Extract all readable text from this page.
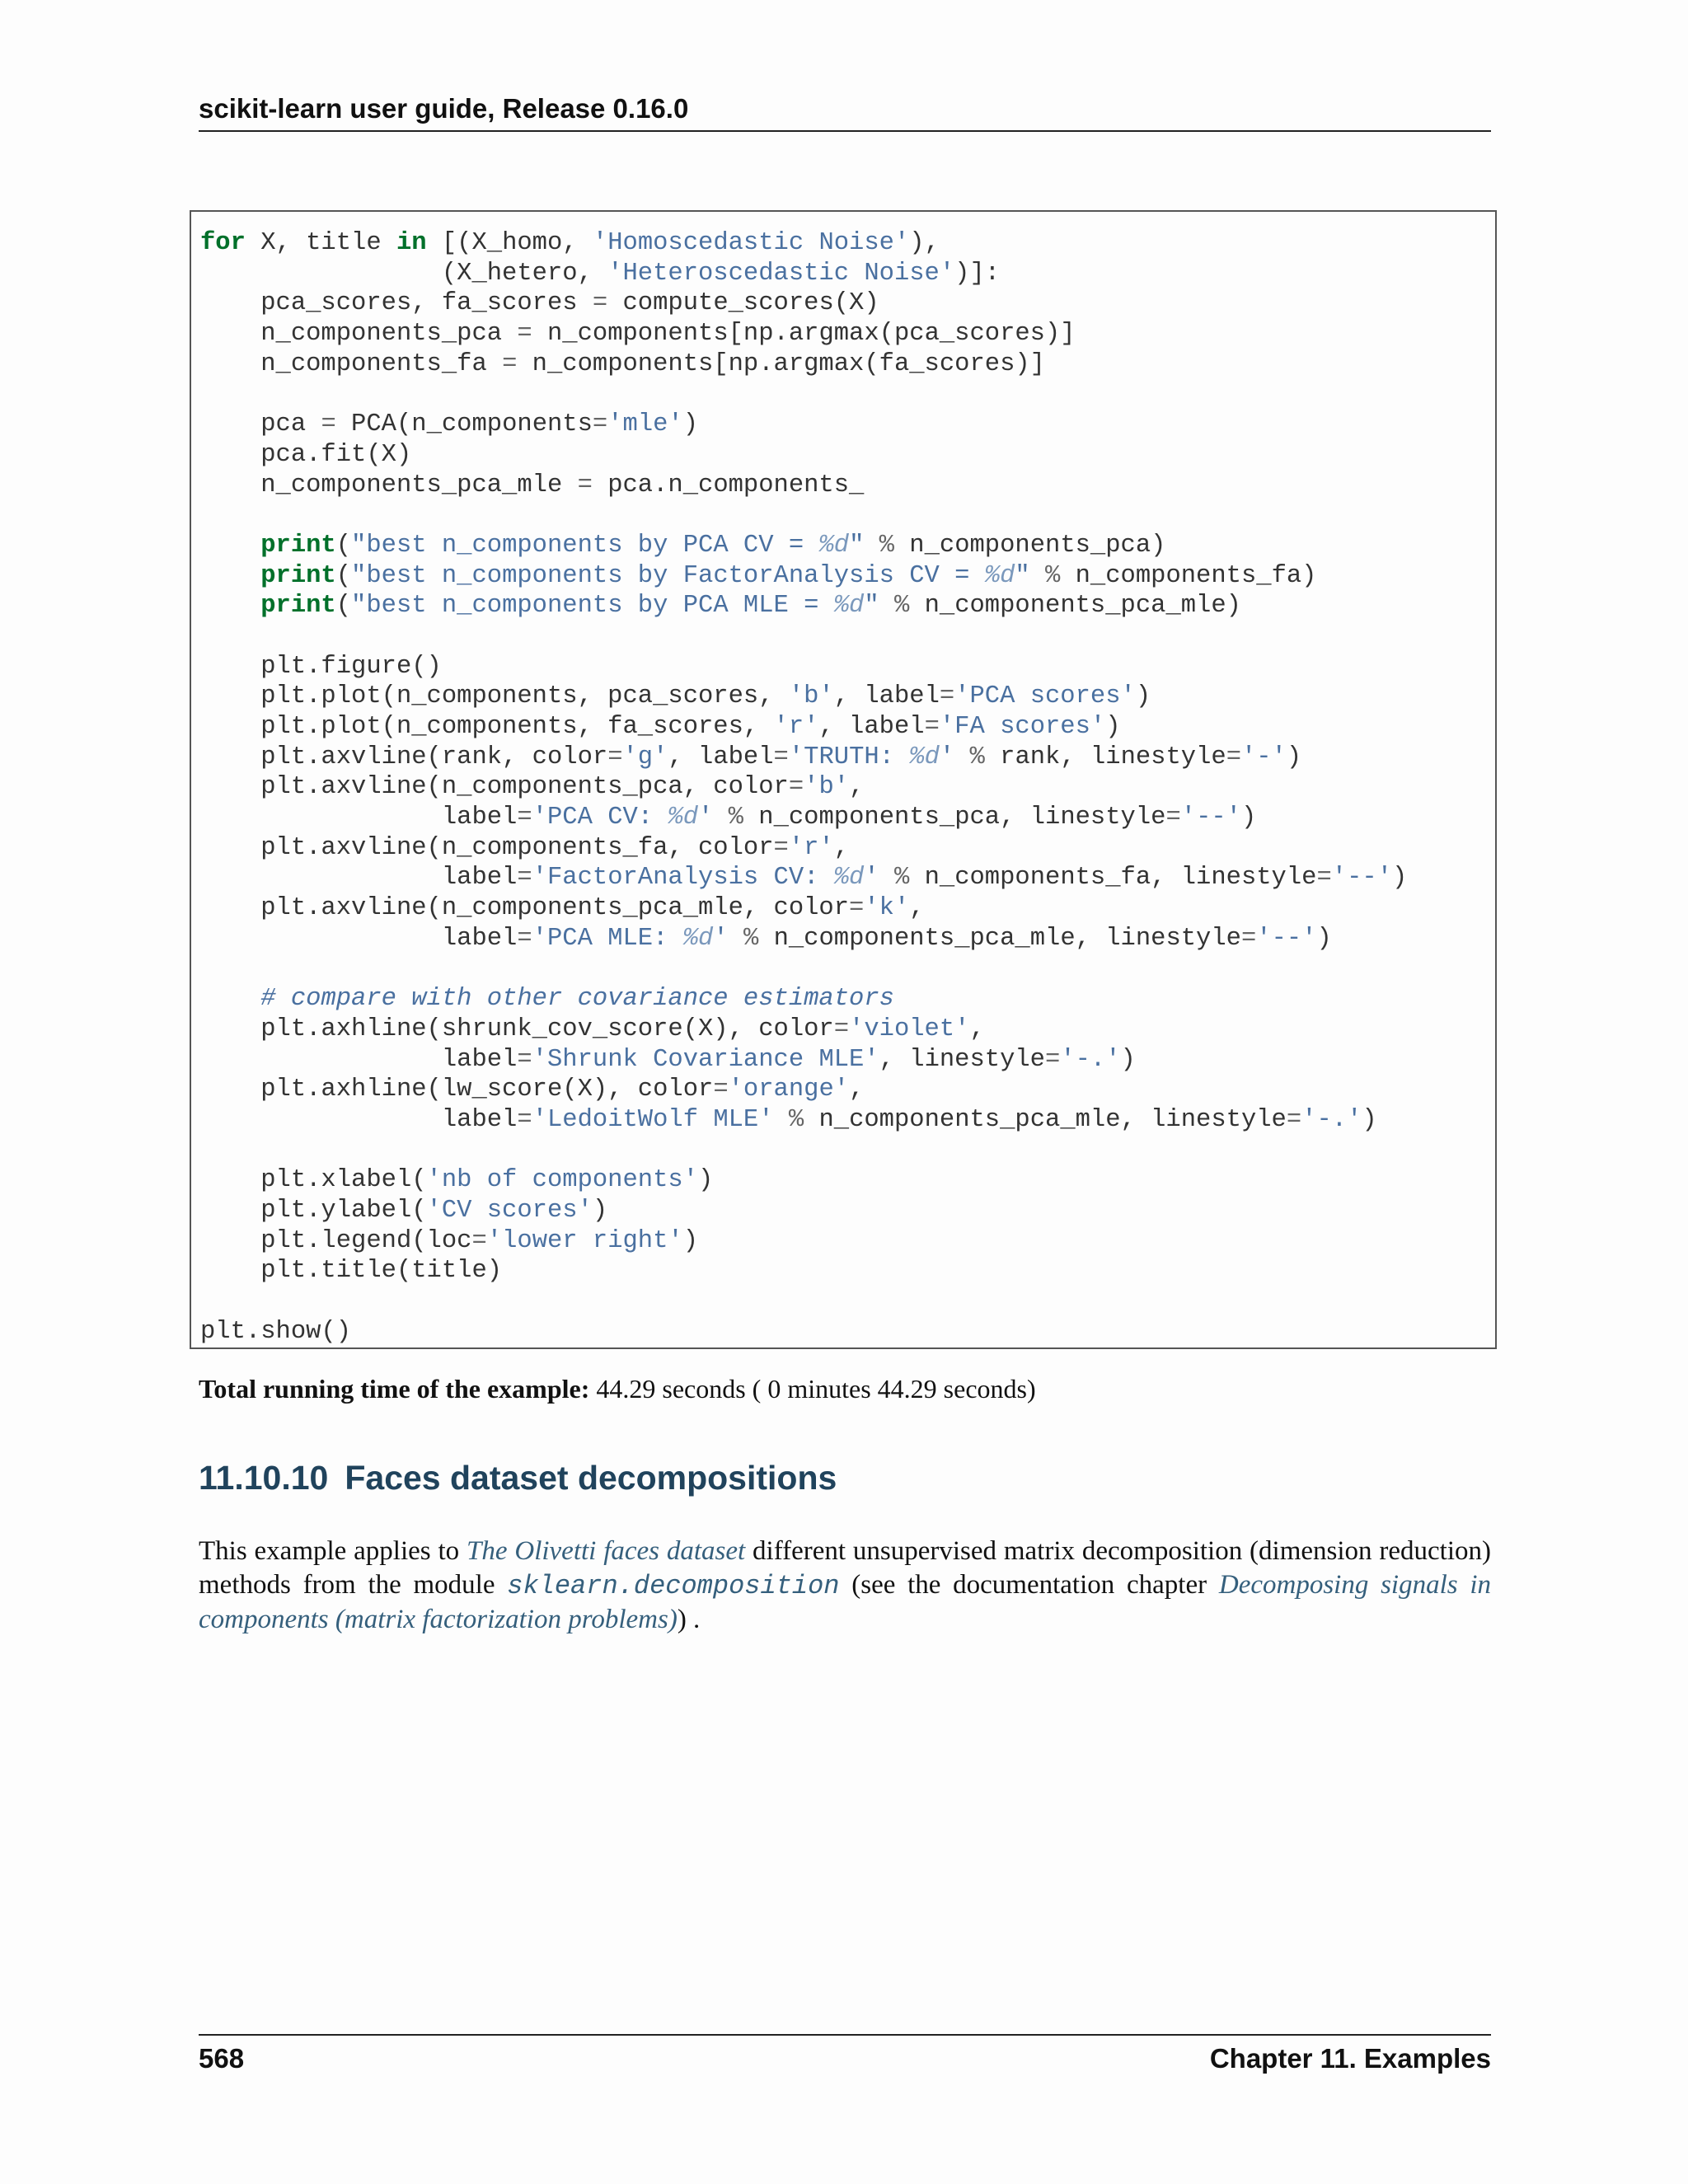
scikit-learn user guide, Release 0.16.0
for X, title in [(X_homo, 'Homoscedastic Noise'),
(X_hetero, 'Heteroscedastic Noise')]:
pca_scores, fa_scores = compute_scores(X)
n_components_pca = n_components[np.argmax(pca_scores)]
n_components_fa = n_components[np.argmax(fa_scores)]
pca = PCA(n_components='mle')
pca.fit(X)
n_components_pca_mle = pca.n_components_
print("best n_components by PCA CV = %d" % n_components_pca)
print("best n_components by FactorAnalysis CV = %d" % n_components_fa)
print("best n_components by PCA MLE = %d" % n_components_pca_mle)
plt.figure()
plt.plot(n_components, pca_scores, 'b', label='PCA scores')
plt.plot(n_components, fa_scores, 'r', label='FA scores')
plt.axvline(rank, color='g', label='TRUTH: %d' % rank, linestyle='-')
plt.axvline(n_components_pca, color='b',
label='PCA CV: %d' % n_components_pca, linestyle='--')
plt.axvline(n_components_fa, color='r',
label='FactorAnalysis CV: %d' % n_components_fa, linestyle='--')
plt.axvline(n_components_pca_mle, color='k',
label='PCA MLE: %d' % n_components_pca_mle, linestyle='--')
# compare with other covariance estimators
plt.axhline(shrunk_cov_score(X), color='violet',
label='Shrunk Covariance MLE', linestyle='-.')
plt.axhline(lw_score(X), color='orange',
label='LedoitWolf MLE' % n_components_pca_mle, linestyle='-.')
plt.xlabel('nb of components')
plt.ylabel('CV scores')
plt.legend(loc='lower right')
plt.title(title)
plt.show()
Total running time of the example: 44.29 seconds ( 0 minutes 44.29 seconds)
11.10.10 Faces dataset decompositions
This example applies to The Olivetti faces dataset different unsupervised matrix decomposition (dimension reduction) methods from the module sklearn.decomposition (see the documentation chapter Decomposing signals in components (matrix factorization problems)) .
568	Chapter 11. Examples
